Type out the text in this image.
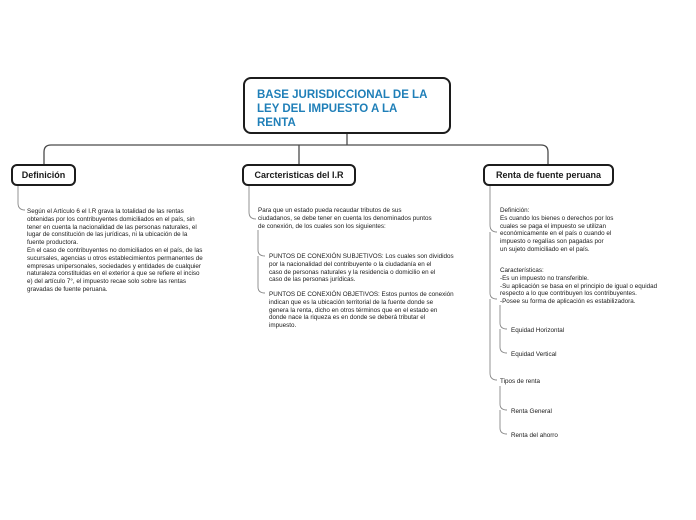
BASE JURISDICCIONAL DE LA
LEY DEL IMPUESTO A LA
RENTA
Definición	Carcteristicas del I.R	Renta de fuente peruana
Según el Artículo 6 el I.R grava la totalidad de las rentas
obtenidas por los contribuyentes domiciliados en el país, sin
tener en cuenta la nacionalidad de las personas naturales, el
lugar de constitución de las jurídicas, ni la ubicación de la
fuente productora.
En el caso de contribuyentes no domiciliados en el país, de las
sucursales, agencias u otros establecimientos permanentes de
empresas unipersonales, sociedades y entidades de cualquier
naturaleza constituidas en el exterior a que se refiere el inciso
e) del artículo 7°, el impuesto recae solo sobre las rentas
gravadas de fuente peruana.
Para que un estado pueda recaudar tributos de sus
ciudadanos, se debe tener en cuenta los denominados puntos
de conexión, de los cuales son los siguientes:
PUNTOS DE CONEXIÓN SUBJETIVOS: Los cuales son divididos
por la nacionalidad del contribuyente o la ciudadanía en el
caso de personas naturales y la residencia o domicilio en el
caso de las personas jurídicas.
PUNTOS DE CONEXIÓN OBJETIVOS: Estos puntos de conexión
indican que es la ubicación territorial de la fuente donde se
genera la renta, dicho en otros términos que en el estado en
donde nace la riqueza es en donde se deberá tributar el
impuesto.
Definición:
Es cuando los bienes o derechos por los
cuales se paga el impuesto se utilizan
económicamente en el país o cuando el
impuesto o regalías son pagadas por
un sujeto domiciliado en el país.
Características:
-Es un impuesto no transferible.
-Su aplicación se basa en el principio de igual o equidad
respecto a lo que contribuyen los contribuyentes.
-Posee su forma de aplicación es estabilizadora.
Equidad Horizontal
Equidad Vertical
Tipos de renta
Renta General
Renta del ahorro
